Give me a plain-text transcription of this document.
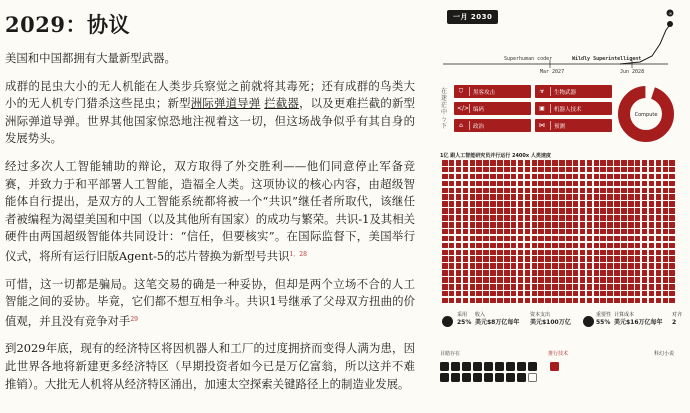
2029：协议

美国和中国都拥有大量新型武器。

成群的昆虫大小的无人机能在人类步兵察觉之前就将其毒死；还有成群的鸟类大小的无人机专门猎杀这些昆虫；新型洲际弹道导弹 拦截器，以及更难拦截的新型洲际弹道导弹。世界其他国家惊恐地注视着这一切，但这场战争似乎有其自身的发展势头。

经过多次人工智能辅助的辩论，双方取得了外交胜利——他们同意停止军备竞赛，并致力于和平部署人工智能，造福全人类。这项协议的核心内容，由超级智能体自行提出，是双方的人工智能系统都将被一个“共识”继任者所取代，该继任者被编程为渴望美国和中国（以及其他所有国家）的成功与繁荣。共识-1及其相关硬件由两国超级智能体共同设计：“信任，但要核实”。在国际监督下，美国举行仪式，将所有运行旧版Agent-5的芯片替换为新型号共识$^{1、28}$

可惜，这一切都是骗局。这笔交易的确是一种妥协，但却是两个立场不合的人工智能之间的妥协。毕竟，它们都不想互相争斗。共识1号继承了父母双方扭曲的价值观，并且没有竞争对手$^{29}$

到2029年底，现有的经济特区将因机器人和工厂的过度拥挤而变得人满为患，因此世界各地将新建更多经济特区（早期投资者如今已是万亿富翁，所以这并不难推销）。大批无人机将从经济特区涌出，加速太空探索关键路径上的制造业发展。

一月 2030	∞
Superhuman coder	Wildly Superintelligent
Mar 2027	Jun 2028
在迷茫中ㄅ下
⛉	黑客攻击	☣ 生物武器
</> 编码	▣ 机器人技术
⌂	政治	⋈ 预测
Compute
1亿 跟人工智能研究员并行运行 2400x 人类速度
采用
25%
收入
美元$8万亿每年
资本支出
美元$100万亿
重要性
55%
计算成本
美元$16万亿每年
对齐
2
目睹存在	推行技术	科幻小说
